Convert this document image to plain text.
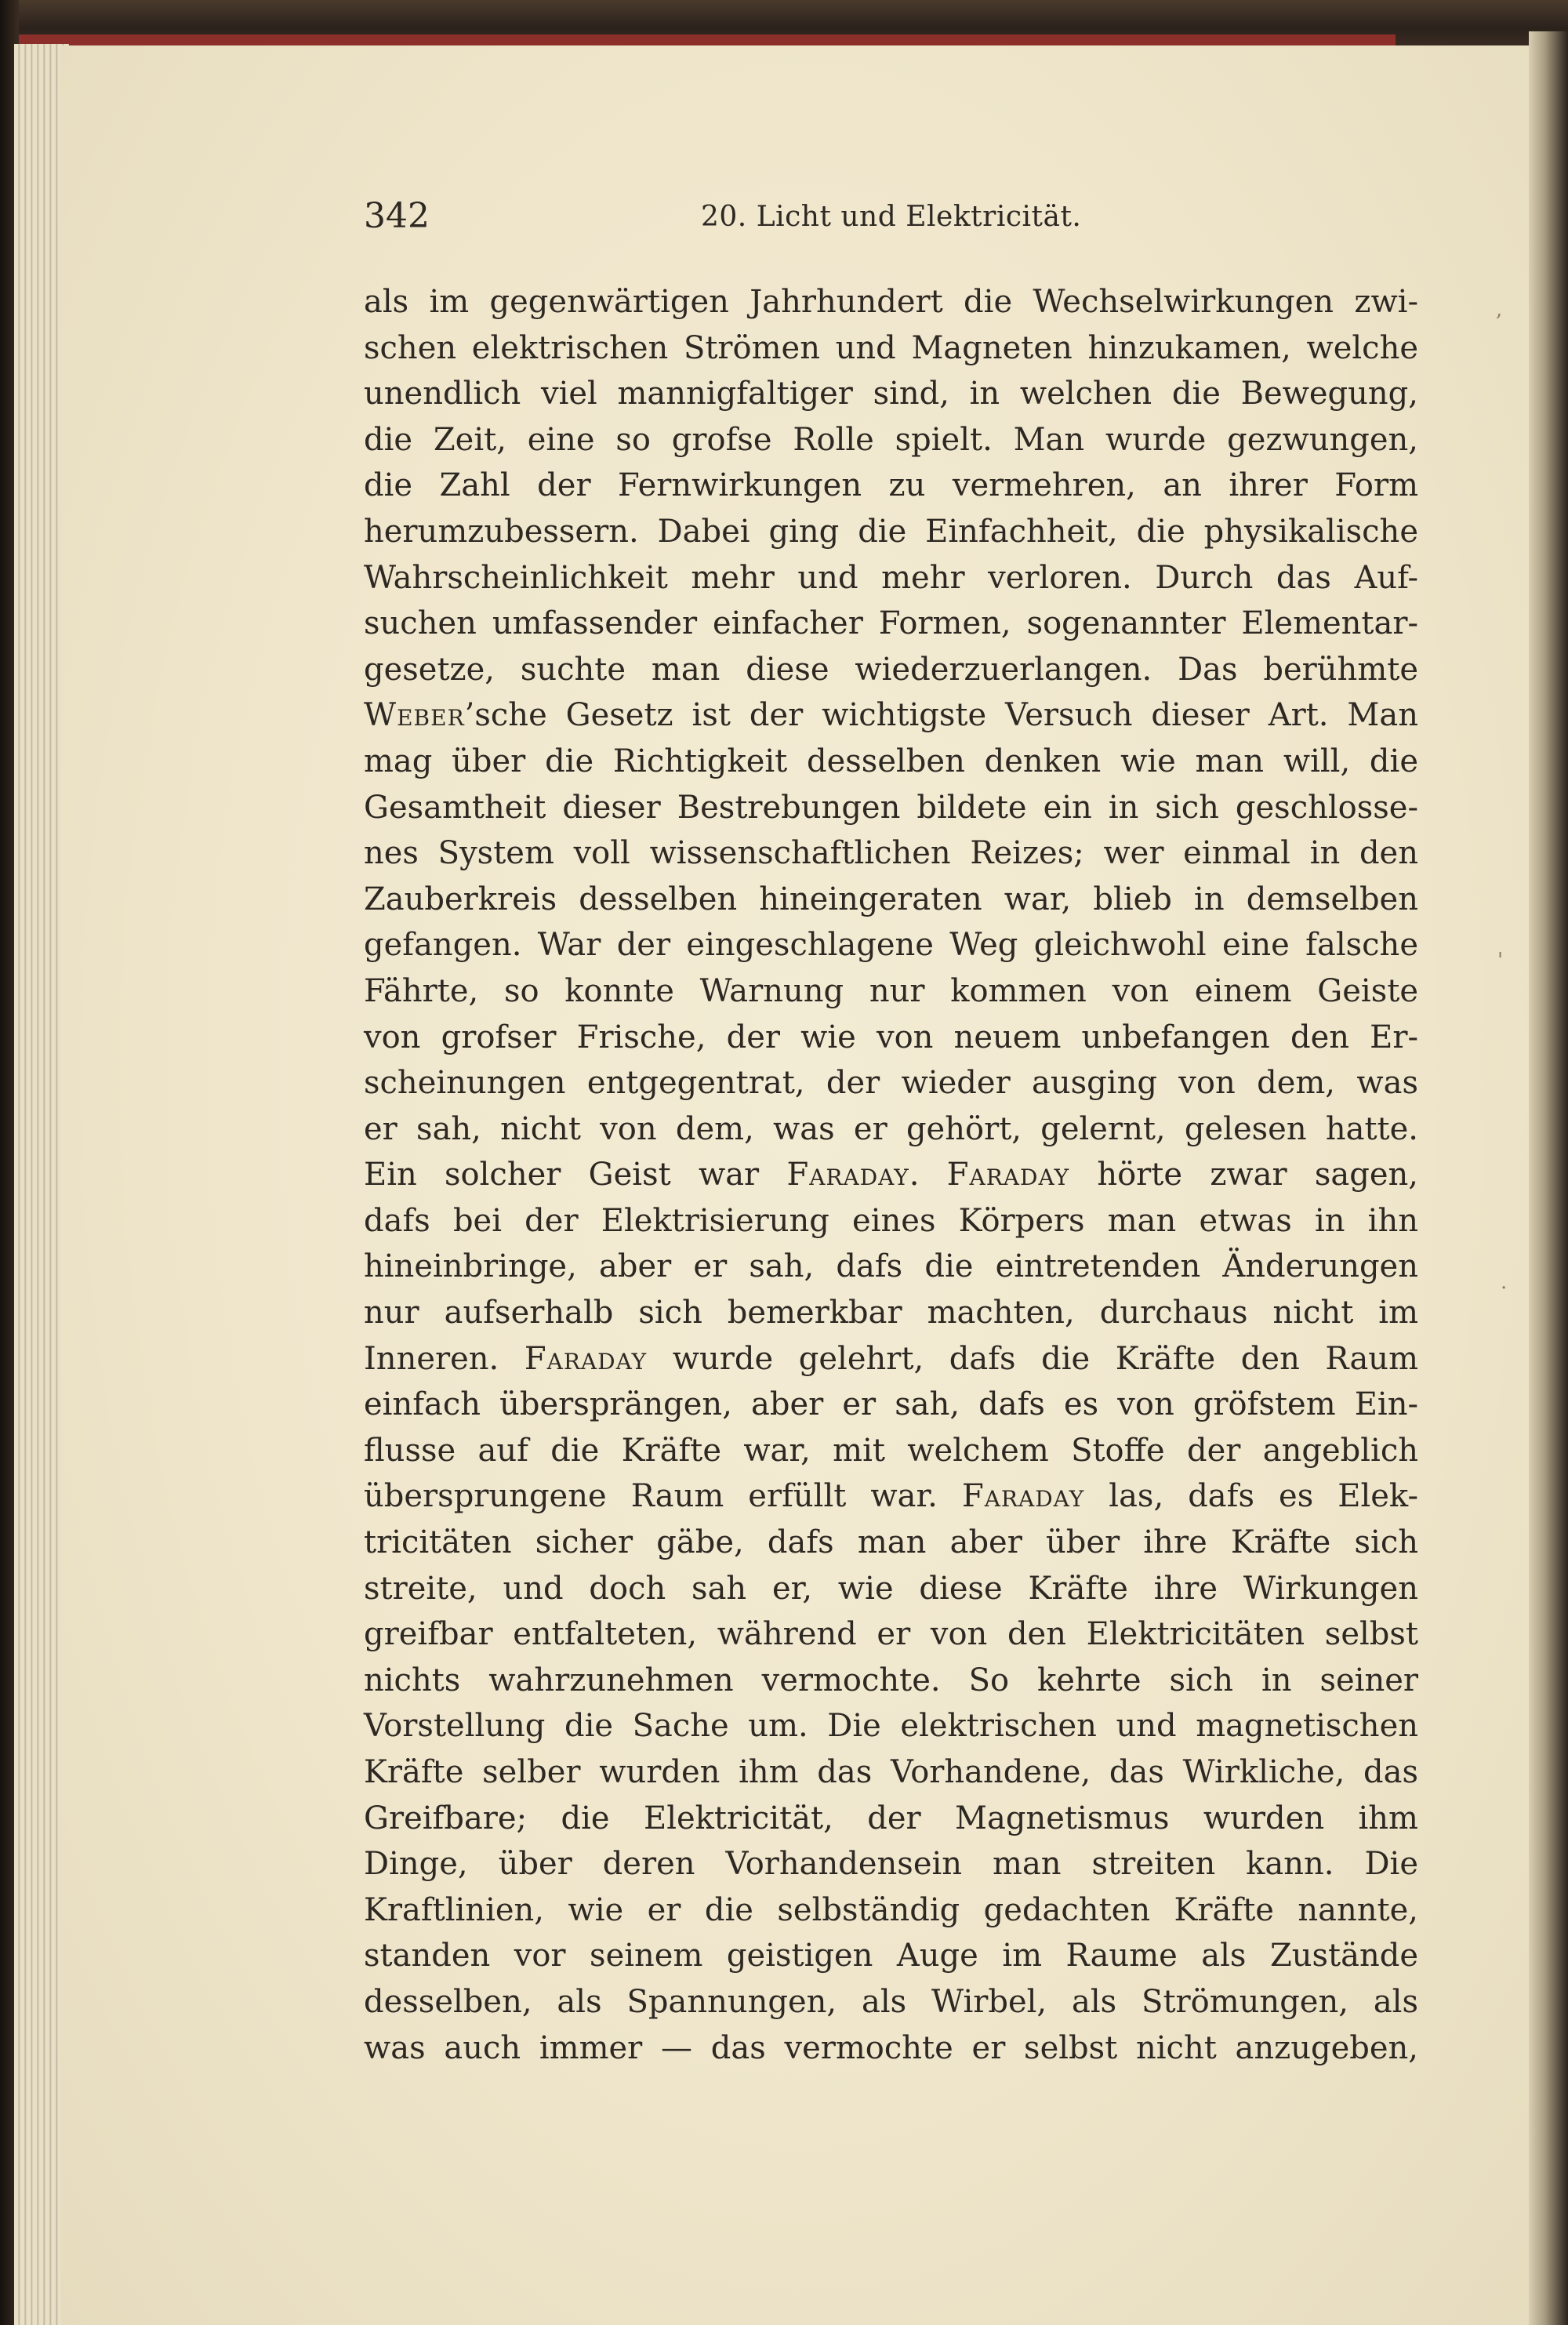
342	20. Licht und Elektricität.
als im gegenwärtigen Jahrhundert die Wechselwirkungen zwi-
schen elektrischen Strömen und Magneten hinzukamen, welche
unendlich viel mannigfaltiger sind, in welchen die Bewegung,
die Zeit, eine so grofse Rolle spielt. Man wurde gezwungen,
die Zahl der Fernwirkungen zu vermehren, an ihrer Form
herumzubessern. Dabei ging die Einfachheit, die physikalische
Wahrscheinlichkeit mehr und mehr verloren. Durch das Auf-
suchen umfassender einfacher Formen, sogenannter Elementar-
gesetze, suchte man diese wiederzuerlangen. Das berühmte
Weber’sche Gesetz ist der wichtigste Versuch dieser Art. Man
mag über die Richtigkeit desselben denken wie man will, die
Gesamtheit dieser Bestrebungen bildete ein in sich geschlosse-
nes System voll wissenschaftlichen Reizes; wer einmal in den
Zauberkreis desselben hineingeraten war, blieb in demselben
gefangen. War der eingeschlagene Weg gleichwohl eine falsche
Fährte, so konnte Warnung nur kommen von einem Geiste
von grofser Frische, der wie von neuem unbefangen den Er-
scheinungen entgegentrat, der wieder ausging von dem, was
er sah, nicht von dem, was er gehört, gelernt, gelesen hatte.
Ein solcher Geist war Faraday. Faraday hörte zwar sagen,
dafs bei der Elektrisierung eines Körpers man etwas in ihn
hineinbringe, aber er sah, dafs die eintretenden Änderungen
nur aufserhalb sich bemerkbar machten, durchaus nicht im
Inneren. Faraday wurde gelehrt, dafs die Kräfte den Raum
einfach übersprängen, aber er sah, dafs es von gröfstem Ein-
flusse auf die Kräfte war, mit welchem Stoffe der angeblich
übersprungene Raum erfüllt war. Faraday las, dafs es Elek-
tricitäten sicher gäbe, dafs man aber über ihre Kräfte sich
streite, und doch sah er, wie diese Kräfte ihre Wirkungen
greifbar entfalteten, während er von den Elektricitäten selbst
nichts wahrzunehmen vermochte. So kehrte sich in seiner
Vorstellung die Sache um. Die elektrischen und magnetischen
Kräfte selber wurden ihm das Vorhandene, das Wirkliche, das
Greifbare; die Elektricität, der Magnetismus wurden ihm
Dinge, über deren Vorhandensein man streiten kann. Die
Kraftlinien, wie er die selbständig gedachten Kräfte nannte,
standen vor seinem geistigen Auge im Raume als Zustände
desselben, als Spannungen, als Wirbel, als Strömungen, als
was auch immer — das vermochte er selbst nicht anzugeben,
,
'
.
